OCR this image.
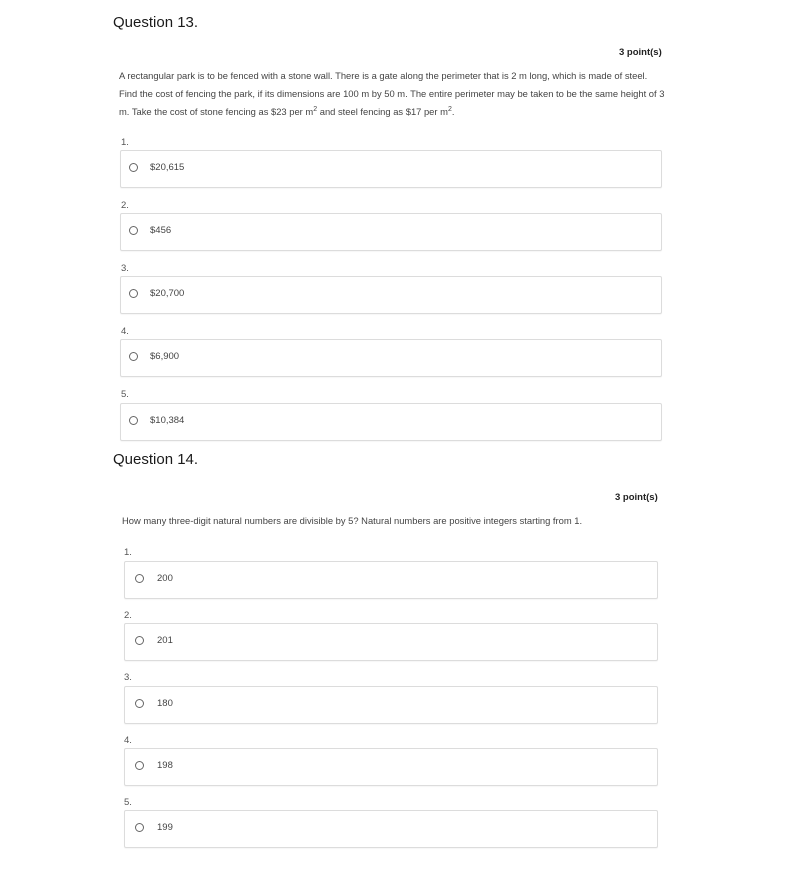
Question 13.
3 point(s)
A rectangular park is to be fenced with a stone wall. There is a gate along the perimeter that is 2 m long, which is made of steel. Find the cost of fencing the park, if its dimensions are 100 m by 50 m. The entire perimeter may be taken to be the same height of 3 m. Take the cost of stone fencing as $23 per $m^2$ and steel fencing as $17 per $m^2$.
1.
$20,615
2.
$456
3.
$20,700
4.
$6,900
5.
$10,384
Question 14.
3 point(s)
How many three-digit natural numbers are divisible by 5? Natural numbers are positive integers starting from 1.
1.
200
2.
201
3.
180
4.
198
5.
199
